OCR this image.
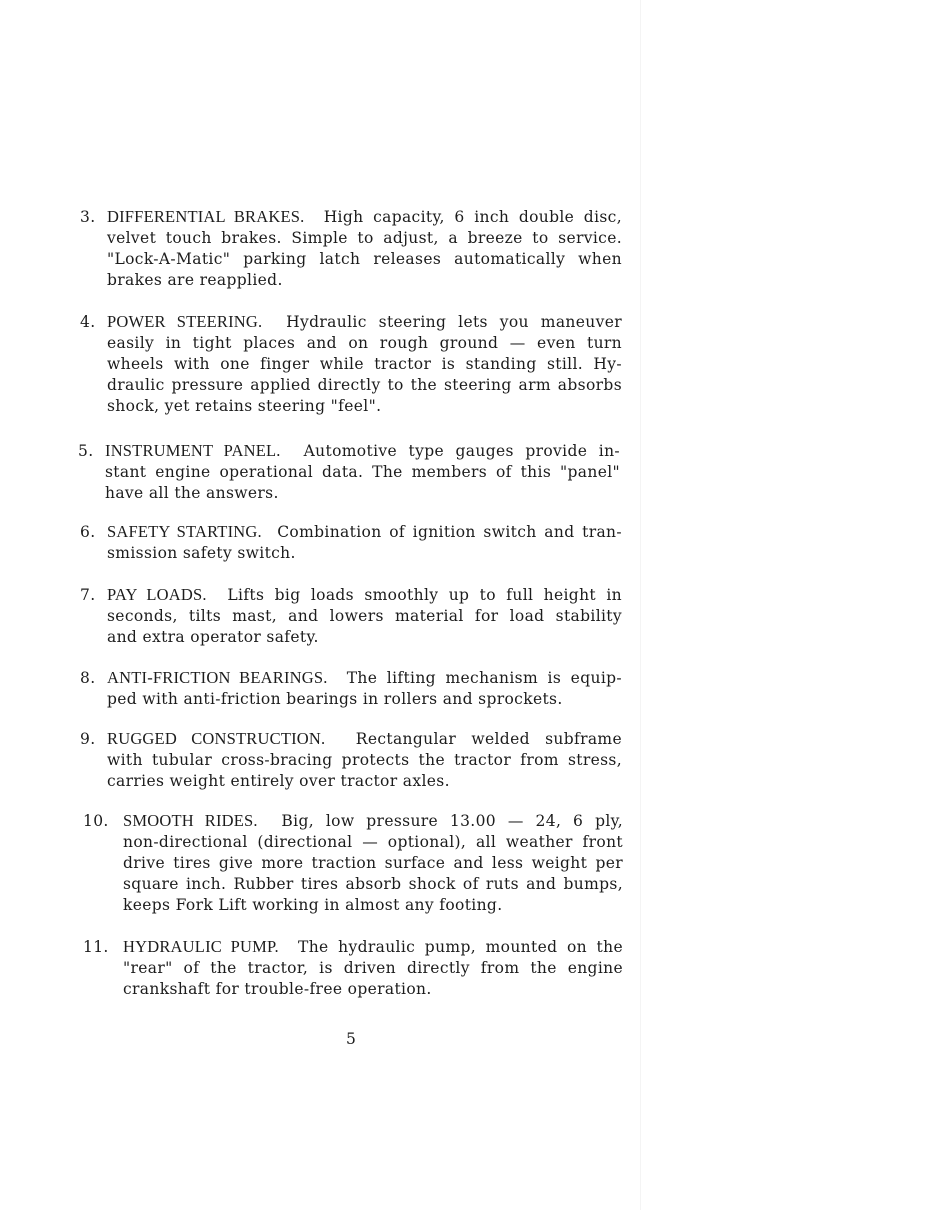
3. DIFFERENTIAL BRAKES. High capacity, 6 inch double disc,
velvet touch brakes. Simple to adjust, a breeze to service.
"Lock-A-Matic" parking latch releases automatically when
brakes are reapplied.
4. POWER STEERING. Hydraulic steering lets you maneuver
easily in tight places and on rough ground — even turn
wheels with one finger while tractor is standing still. Hy-
draulic pressure applied directly to the steering arm absorbs
shock, yet retains steering "feel".
5. INSTRUMENT PANEL. Automotive type gauges provide in-
stant engine operational data. The members of this "panel"
have all the answers.
6. SAFETY STARTING. Combination of ignition switch and tran-
smission safety switch.
7. PAY LOADS. Lifts big loads smoothly up to full height in
seconds, tilts mast, and lowers material for load stability
and extra operator safety.
8. ANTI-FRICTION BEARINGS. The lifting mechanism is equip-
ped with anti-friction bearings in rollers and sprockets.
9. RUGGED CONSTRUCTION. Rectangular welded subframe
with tubular cross-bracing protects the tractor from stress,
carries weight entirely over tractor axles.
10. SMOOTH RIDES. Big, low pressure 13.00 — 24, 6 ply,
non-directional (directional — optional), all weather front
drive tires give more traction surface and less weight per
square inch. Rubber tires absorb shock of ruts and bumps,
keeps Fork Lift working in almost any footing.
11. HYDRAULIC PUMP. The hydraulic pump, mounted on the
"rear" of the tractor, is driven directly from the engine
crankshaft for trouble-free operation.
5
